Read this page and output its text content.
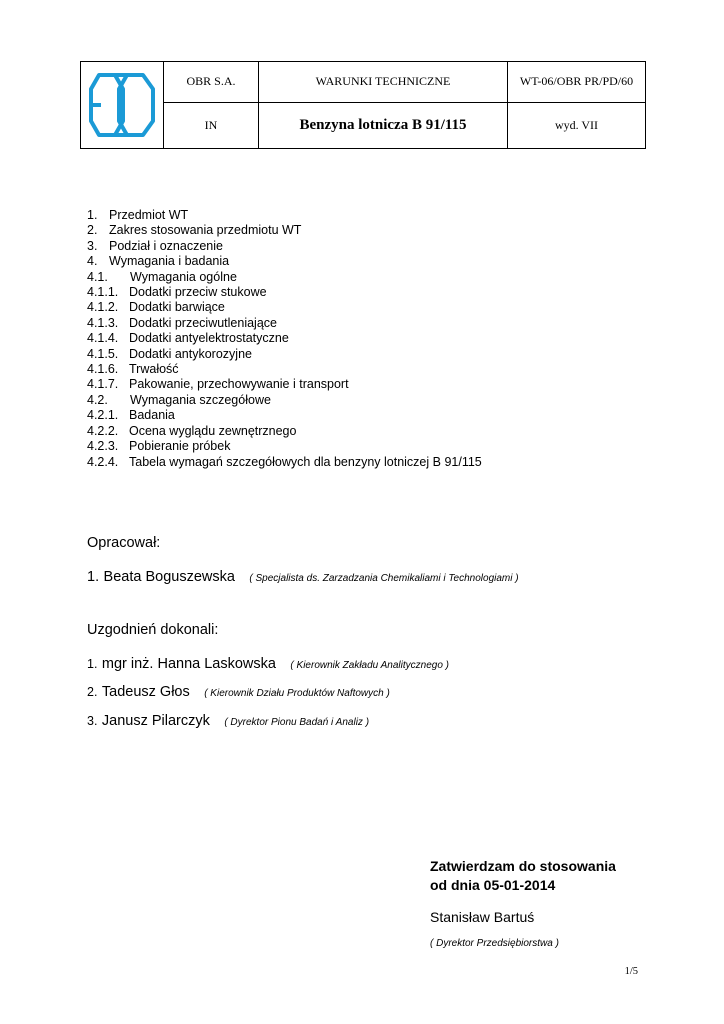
	OBR S.A.	WARUNKI TECHNICZNE	WT-06/OBR PR/PD/60
	IN	Benzyna lotnicza B 91/115	wyd. VII
1. Przedmiot WT
2. Zakres stosowania przedmiotu WT
3. Podział i oznaczenie
4. Wymagania i badania
4.1. Wymagania ogólne
4.1.1. Dodatki przeciw stukowe
4.1.2. Dodatki barwiące
4.1.3. Dodatki przeciwutleniające
4.1.4. Dodatki antyelektrostatyczne
4.1.5. Dodatki antykorozyjne
4.1.6. Trwałość
4.1.7. Pakowanie, przechowywanie i transport
4.2. Wymagania szczegółowe
4.2.1. Badania
4.2.2. Ocena wyglądu zewnętrznego
4.2.3. Pobieranie próbek
4.2.4. Tabela wymagań szczegółowych dla benzyny lotniczej B 91/115
Opracował:
1. Beata Boguszewska ( Specjalista ds. Zarzadzania Chemikaliami i Technologiami )
Uzgodnień dokonali:
1. mgr inż. Hanna Laskowska ( Kierownik Zakładu Analitycznego )
2. Tadeusz Głos ( Kierownik Działu Produktów Naftowych )
3. Janusz Pilarczyk ( Dyrektor Pionu Badań i Analiz )
Zatwierdzam do stosowania
od dnia 05-01-2014
Stanisław Bartuś
( Dyrektor Przedsiębiorstwa )
1/5
